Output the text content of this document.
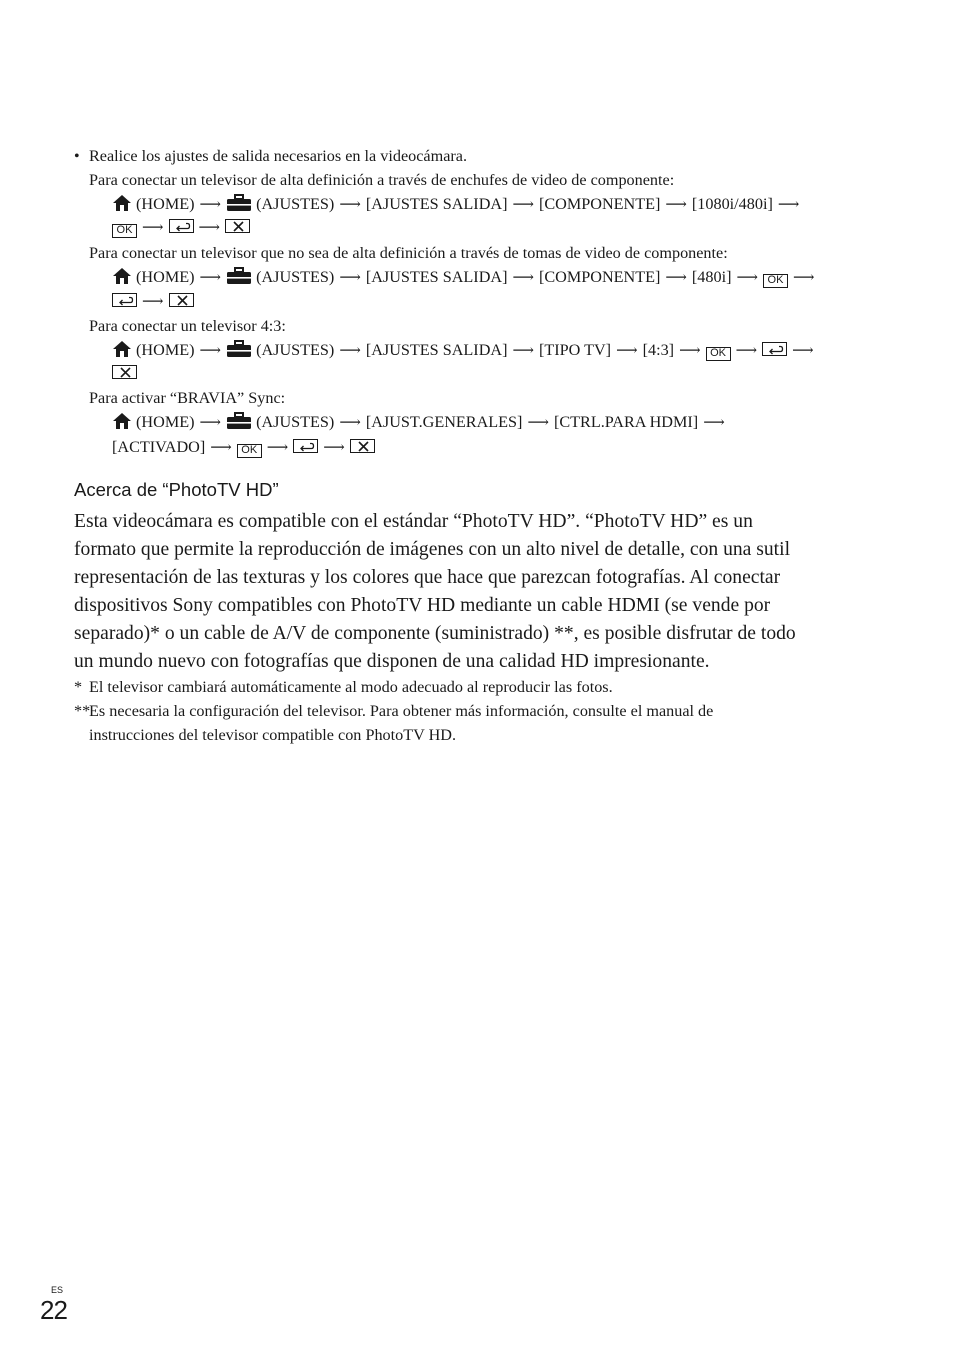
• Realice los ajustes de salida necesarios en la videocámara.
Para conectar un televisor de alta definición a través de enchufes de video de componente:
(HOME) ⟶ (AJUSTES) ⟶ [AJUSTES SALIDA] ⟶ [COMPONENTE] ⟶ [1080i/480i] ⟶
OK ⟶ ⟶
Para conectar un televisor que no sea de alta definición a través de tomas de video de componente:
(HOME) ⟶ (AJUSTES) ⟶ [AJUSTES SALIDA] ⟶ [COMPONENTE] ⟶ [480i] ⟶ OK ⟶
⟶
Para conectar un televisor 4:3:
(HOME) ⟶ (AJUSTES) ⟶ [AJUSTES SALIDA] ⟶ [TIPO TV] ⟶ [4:3] ⟶ OK ⟶ ⟶
Para activar “BRAVIA” Sync:
(HOME) ⟶ (AJUSTES) ⟶ [AJUST.GENERALES] ⟶ [CTRL.PARA HDMI] ⟶
[ACTIVADO] ⟶ OK ⟶ ⟶
Acerca de “PhotoTV HD”
Esta videocámara es compatible con el estándar “PhotoTV HD”. “PhotoTV HD” es un
formato que permite la reproducción de imágenes con un alto nivel de detalle, con una sutil
representación de las texturas y los colores que hace que parezcan fotografías. Al conectar
dispositivos Sony compatibles con PhotoTV HD mediante un cable HDMI (se vende por
separado)* o un cable de A/V de componente (suministrado) **, es posible disfrutar de todo
un mundo nuevo con fotografías que disponen de una calidad HD impresionante.
* El televisor cambiará automáticamente al modo adecuado al reproducir las fotos.
**
Es necesaria la configuración del televisor. Para obtener más información, consulte el manual de
instrucciones del televisor compatible con PhotoTV HD.
ES
22
